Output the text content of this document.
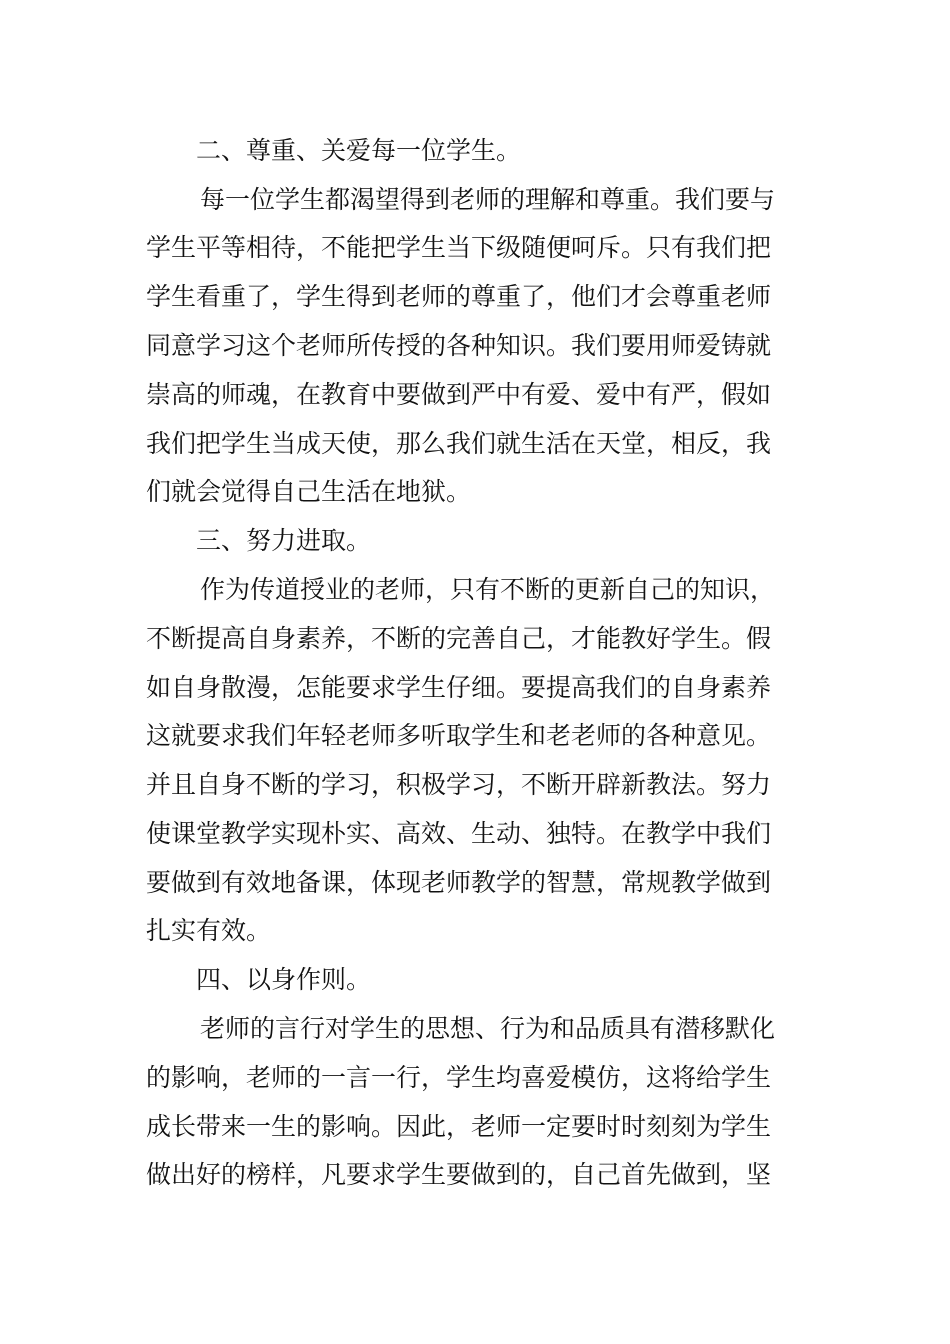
二、尊重、关爱每一位学生。
每一位学生都渴望得到老师的理解和尊重。我们要与
学生平等相待，不能把学生当下级随便呵斥。只有我们把
学生看重了，学生得到老师的尊重了，他们才会尊重老师
同意学习这个老师所传授的各种知识。我们要用师爱铸就
崇高的师魂，在教育中要做到严中有爱、爱中有严，假如
我们把学生当成天使，那么我们就生活在天堂，相反，我
们就会觉得自己生活在地狱。
三、努力进取。
作为传道授业的老师，只有不断的更新自己的知识，
不断提高自身素养，不断的完善自己，才能教好学生。假
如自身散漫，怎能要求学生仔细。要提高我们的自身素养
这就要求我们年轻老师多听取学生和老老师的各种意见。
并且自身不断的学习，积极学习，不断开辟新教法。努力
使课堂教学实现朴实、高效、生动、独特。在教学中我们
要做到有效地备课，体现老师教学的智慧，常规教学做到
扎实有效。
四、以身作则。
老师的言行对学生的思想、行为和品质具有潜移默化
的影响，老师的一言一行，学生均喜爱模仿，这将给学生
成长带来一生的影响。因此，老师一定要时时刻刻为学生
做出好的榜样，凡要求学生要做到的，自己首先做到，坚
